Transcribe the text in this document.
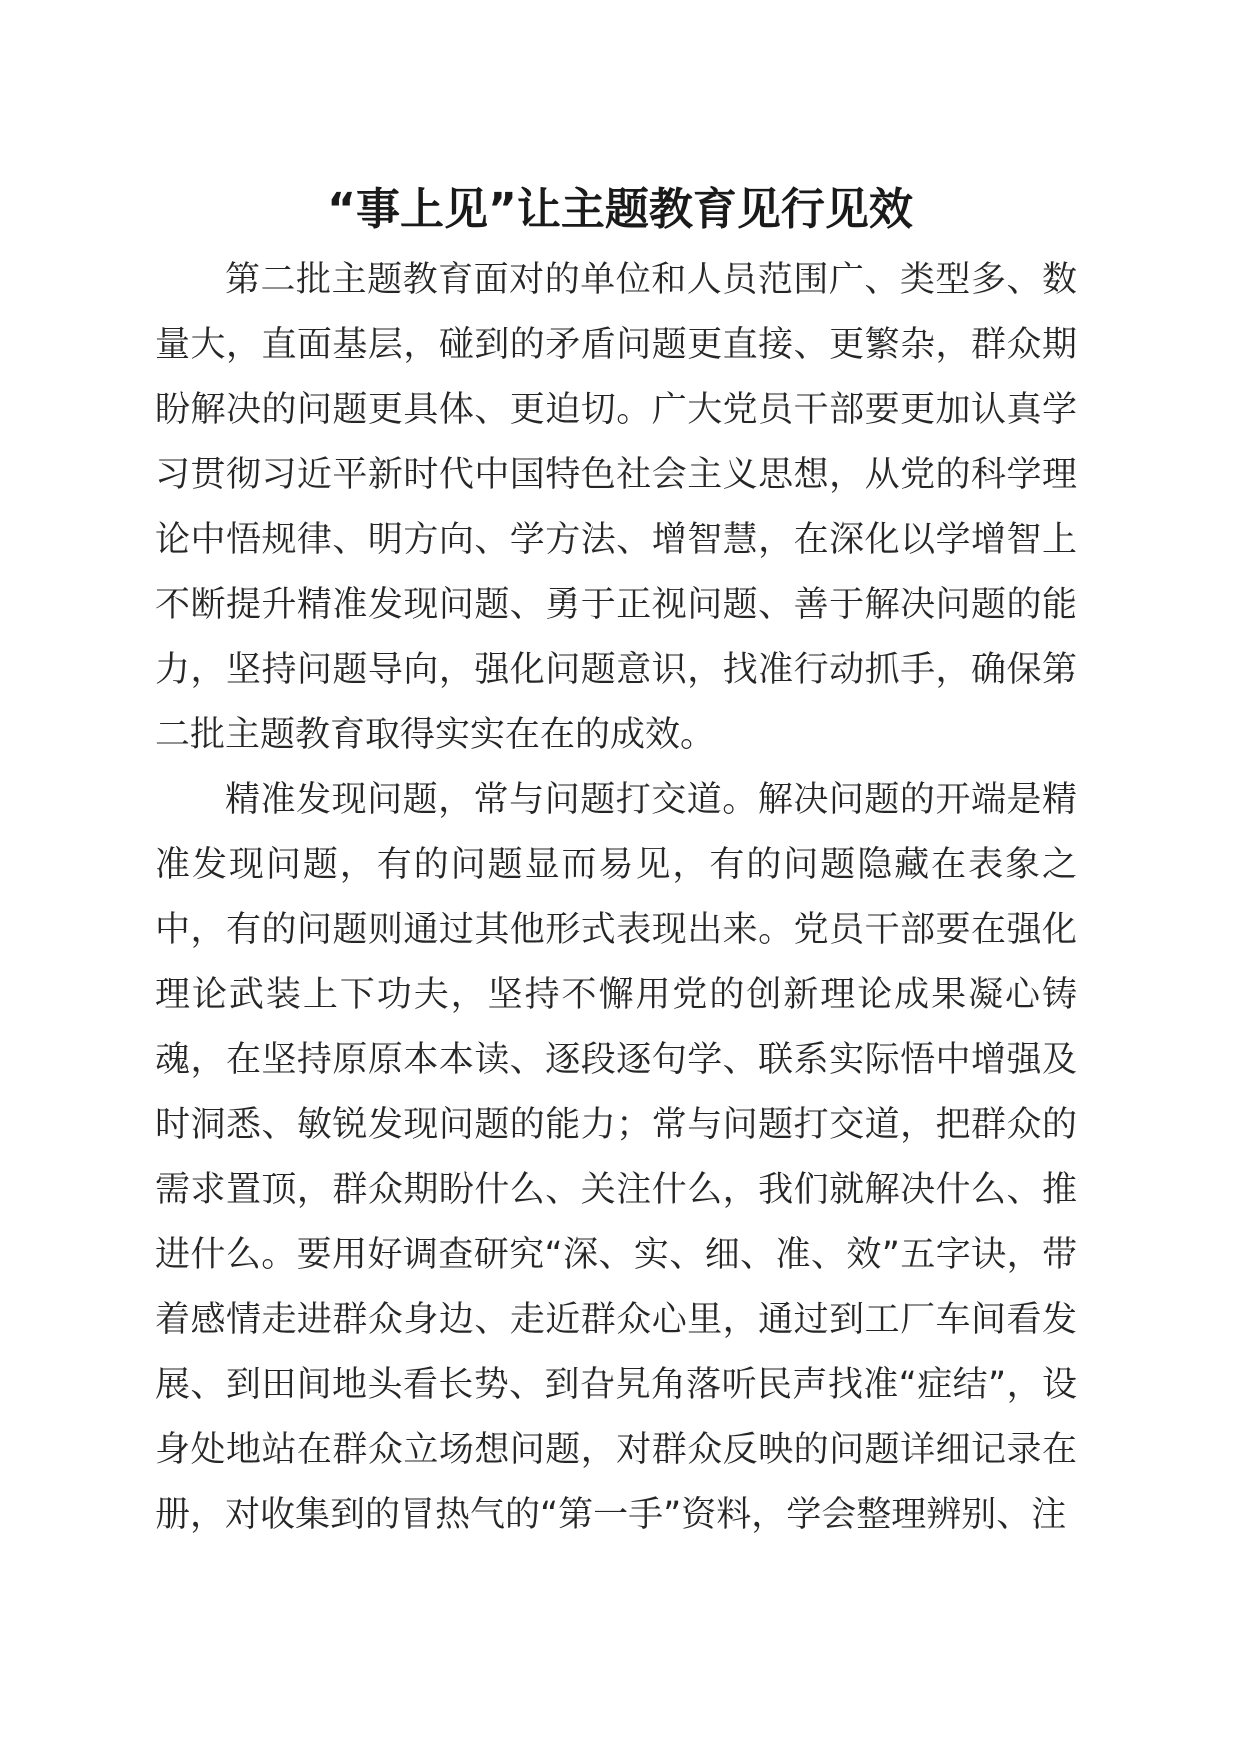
“事上见”让主题教育见行见效

第二批主题教育面对的单位和人员范围广、类型多、数量大，直面基层，碰到的矛盾问题更直接、更繁杂，群众期盼解决的问题更具体、更迫切。广大党员干部要更加认真学习贯彻习近平新时代中国特色社会主义思想，从党的科学理论中悟规律、明方向、学方法、增智慧，在深化以学增智上不断提升精准发现问题、勇于正视问题、善于解决问题的能力，坚持问题导向，强化问题意识，找准行动抓手，确保第二批主题教育取得实实在在的成效。

精准发现问题，常与问题打交道。解决问题的开端是精准发现问题，有的问题显而易见，有的问题隐藏在表象之中，有的问题则通过其他形式表现出来。党员干部要在强化理论武装上下功夫，坚持不懈用党的创新理论成果凝心铸魂，在坚持原原本本读、逐段逐句学、联系实际悟中增强及时洞悉、敏锐发现问题的能力；常与问题打交道，把群众的需求置顶，群众期盼什么、关注什么，我们就解决什么、推进什么。要用好调查研究“深、实、细、准、效”五字诀，带着感情走进群众身边、走近群众心里，通过到工厂车间看发展、到田间地头看长势、到旮旯角落听民声找准“症结”，设身处地站在群众立场想问题，对群众反映的问题详细记录在册，对收集到的冒热气的“第一手”资料，学会整理辨别、注
